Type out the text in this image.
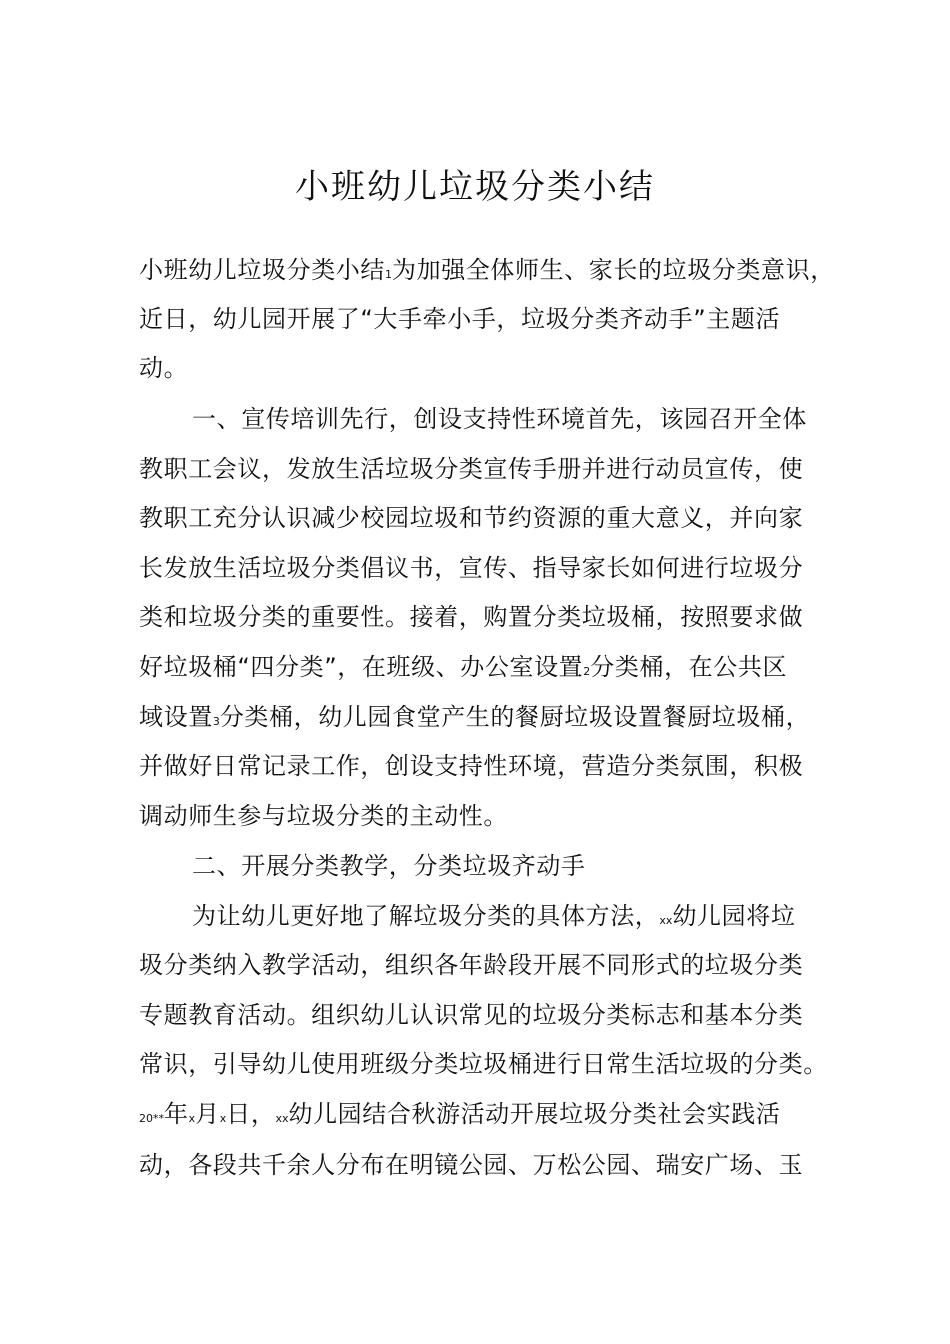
小班幼儿垃圾分类小结
小班幼儿垃圾分类小结1为加强全体师生、家长的垃圾分类意识，
近日，幼儿园开展了“大手牵小手，垃圾分类齐动手”主题活
动。
一、宣传培训先行，创设支持性环境首先，该园召开全体
教职工会议，发放生活垃圾分类宣传手册并进行动员宣传，使
教职工充分认识减少校园垃圾和节约资源的重大意义，并向家
长发放生活垃圾分类倡议书，宣传、指导家长如何进行垃圾分
类和垃圾分类的重要性。接着，购置分类垃圾桶，按照要求做
好垃圾桶“四分类”，在班级、办公室设置2分类桶，在公共区
域设置3分类桶，幼儿园食堂产生的餐厨垃圾设置餐厨垃圾桶，
并做好日常记录工作，创设支持性环境，营造分类氛围，积极
调动师生参与垃圾分类的主动性。
二、开展分类教学，分类垃圾齐动手
为让幼儿更好地了解垃圾分类的具体方法，xx幼儿园将垃
圾分类纳入教学活动，组织各年龄段开展不同形式的垃圾分类
专题教育活动。组织幼儿认识常见的垃圾分类标志和基本分类
常识，引导幼儿使用班级分类垃圾桶进行日常生活垃圾的分类。
20**年x月x日，xx幼儿园结合秋游活动开展垃圾分类社会实践活
动，各段共千余人分布在明镜公园、万松公园、瑞安广场、玉
